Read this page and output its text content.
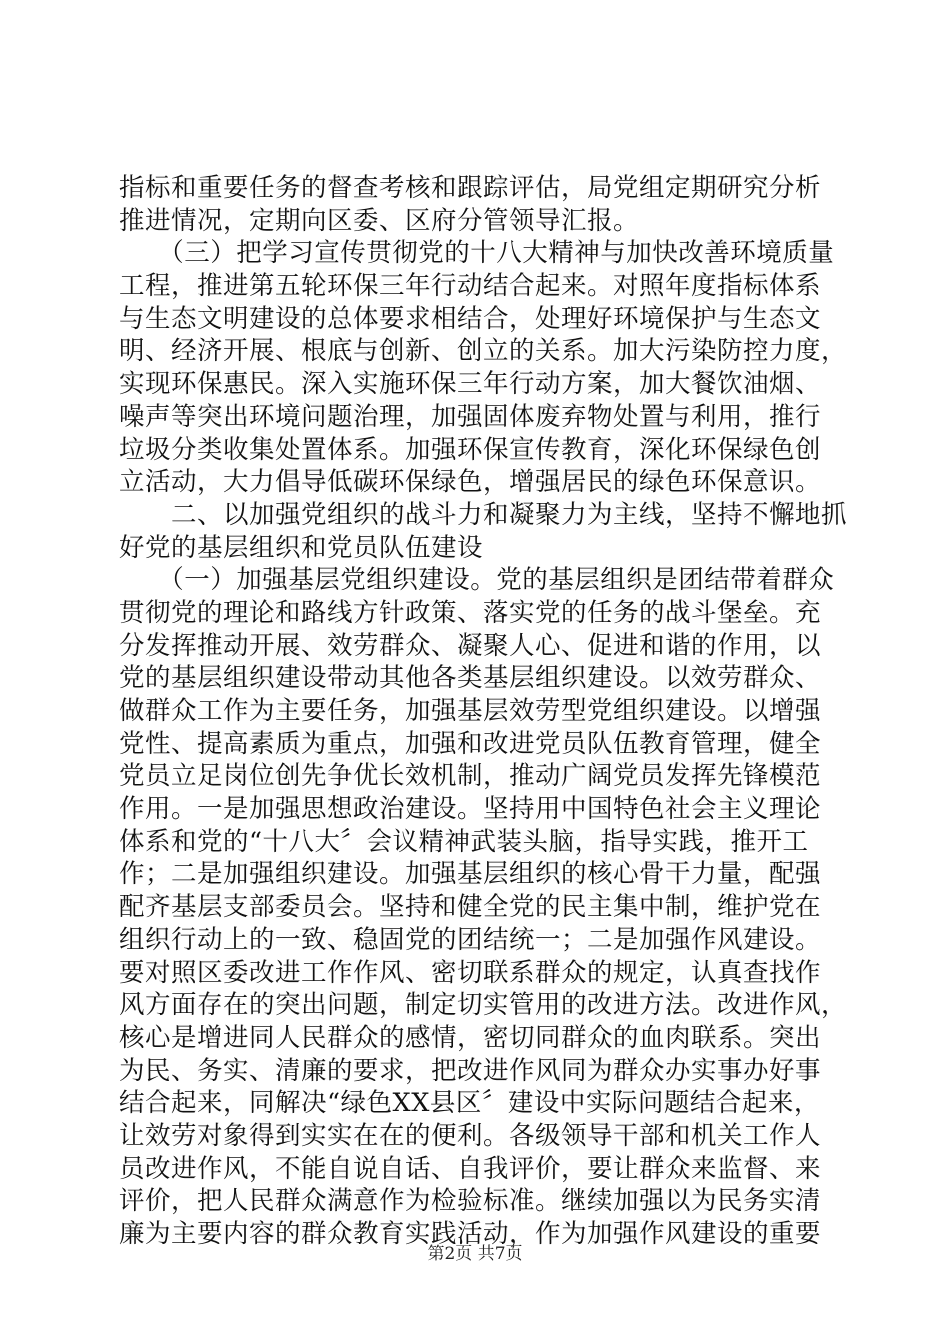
指标和重要任务的督查考核和跟踪评估，局党组定期研究分析
推进情况，定期向区委、区府分管领导汇报。
　　（三）把学习宣传贯彻党的十八大精神与加快改善环境质量
工程，推进第五轮环保三年行动结合起来。对照年度指标体系
与生态文明建设的总体要求相结合，处理好环境保护与生态文
明、经济开展、根底与创新、创立的关系。加大污染防控力度，
实现环保惠民。深入实施环保三年行动方案，加大餐饮油烟、
噪声等突出环境问题治理，加强固体废弃物处置与利用，推行
垃圾分类收集处置体系。加强环保宣传教育，深化环保绿色创
立活动，大力倡导低碳环保绿色，增强居民的绿色环保意识。
　　二、以加强党组织的战斗力和凝聚力为主线，坚持不懈地抓
好党的基层组织和党员队伍建设
　　（一）加强基层党组织建设。党的基层组织是团结带着群众
贯彻党的理论和路线方针政策、落实党的任务的战斗堡垒。充
分发挥推动开展、效劳群众、凝聚人心、促进和谐的作用，以
党的基层组织建设带动其他各类基层组织建设。以效劳群众、
做群众工作为主要任务，加强基层效劳型党组织建设。以增强
党性、提高素质为重点，加强和改进党员队伍教育管理，健全
党员立足岗位创先争优长效机制，推动广阔党员发挥先锋模范
作用。一是加强思想政治建设。坚持用中国特色社会主义理论
体系和党的“十八大〞会议精神武装头脑，指导实践，推开工
作；二是加强组织建设。加强基层组织的核心骨干力量，配强
配齐基层支部委员会。坚持和健全党的民主集中制，维护党在
组织行动上的一致、稳固党的团结统一；二是加强作风建设。
要对照区委改进工作作风、密切联系群众的规定，认真查找作
风方面存在的突出问题，制定切实管用的改进方法。改进作风，
核心是增进同人民群众的感情，密切同群众的血肉联系。突出
为民、务实、清廉的要求，把改进作风同为群众办实事办好事
结合起来，同解决“绿色XX县区〞建设中实际问题结合起来，
让效劳对象得到实实在在的便利。各级领导干部和机关工作人
员改进作风，不能自说自话、自我评价，要让群众来监督、来
评价，把人民群众满意作为检验标准。继续加强以为民务实清
廉为主要内容的群众教育实践活动，作为加强作风建设的重要
第2页 共7页
